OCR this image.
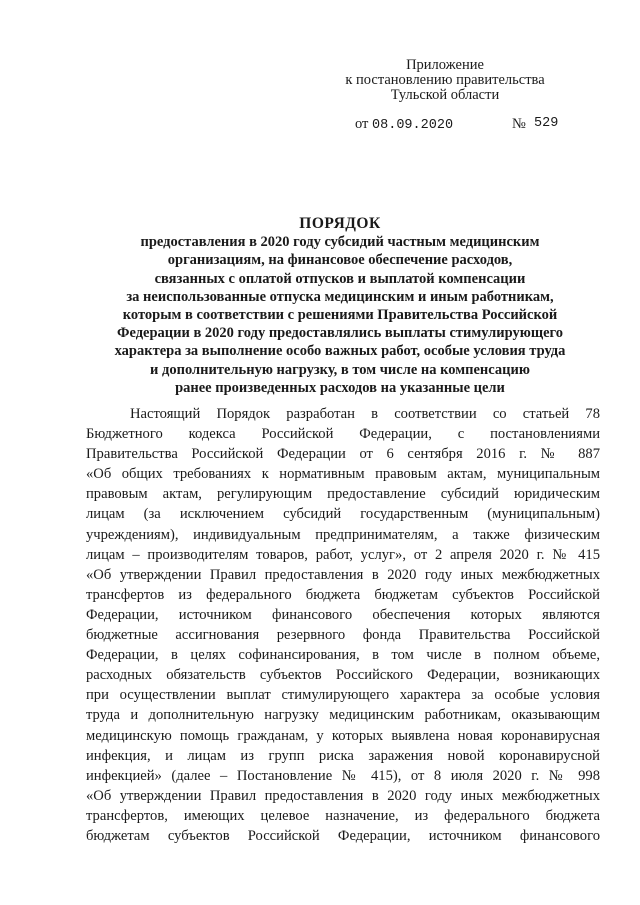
Приложение
к постановлению правительства
Тульской области
от 08.09.2020	№ 529
ПОРЯДОК
предоставления в 2020 году субсидий частным медицинским
организациям, на финансовое обеспечение расходов,
связанных с оплатой отпусков и выплатой компенсации
за неиспользованные отпуска медицинским и иным работникам,
которым в соответствии с решениями Правительства Российской
Федерации в 2020 году предоставлялись выплаты стимулирующего
характера за выполнение особо важных работ, особые условия труда
и дополнительную нагрузку, в том числе на компенсацию
ранее произведенных расходов на указанные цели
Настоящий Порядок разработан в соответствии со статьей 78
Бюджетного кодекса Российской Федерации, с постановлениями
Правительства Российской Федерации от 6 сентября 2016 г. № 887
«Об общих требованиях к нормативным правовым актам, муниципальным
правовым актам, регулирующим предоставление субсидий юридическим
лицам (за исключением субсидий государственным (муниципальным)
учреждениям), индивидуальным предпринимателям, а также физическим
лицам – производителям товаров, работ, услуг», от 2 апреля 2020 г. № 415
«Об утверждении Правил предоставления в 2020 году иных межбюджетных
трансфертов из федерального бюджета бюджетам субъектов Российской
Федерации, источником финансового обеспечения которых являются
бюджетные ассигнования резервного фонда Правительства Российской
Федерации, в целях софинансирования, в том числе в полном объеме,
расходных обязательств субъектов Российского Федерации, возникающих
при осуществлении выплат стимулирующего характера за особые условия
труда и дополнительную нагрузку медицинским работникам, оказывающим
медицинскую помощь гражданам, у которых выявлена новая коронавирусная
инфекция, и лицам из групп риска заражения новой коронавирусной
инфекцией» (далее – Постановление № 415), от 8 июля 2020 г. № 998
«Об утверждении Правил предоставления в 2020 году иных межбюджетных
трансфертов, имеющих целевое назначение, из федерального бюджета
бюджетам субъектов Российской Федерации, источником финансового
